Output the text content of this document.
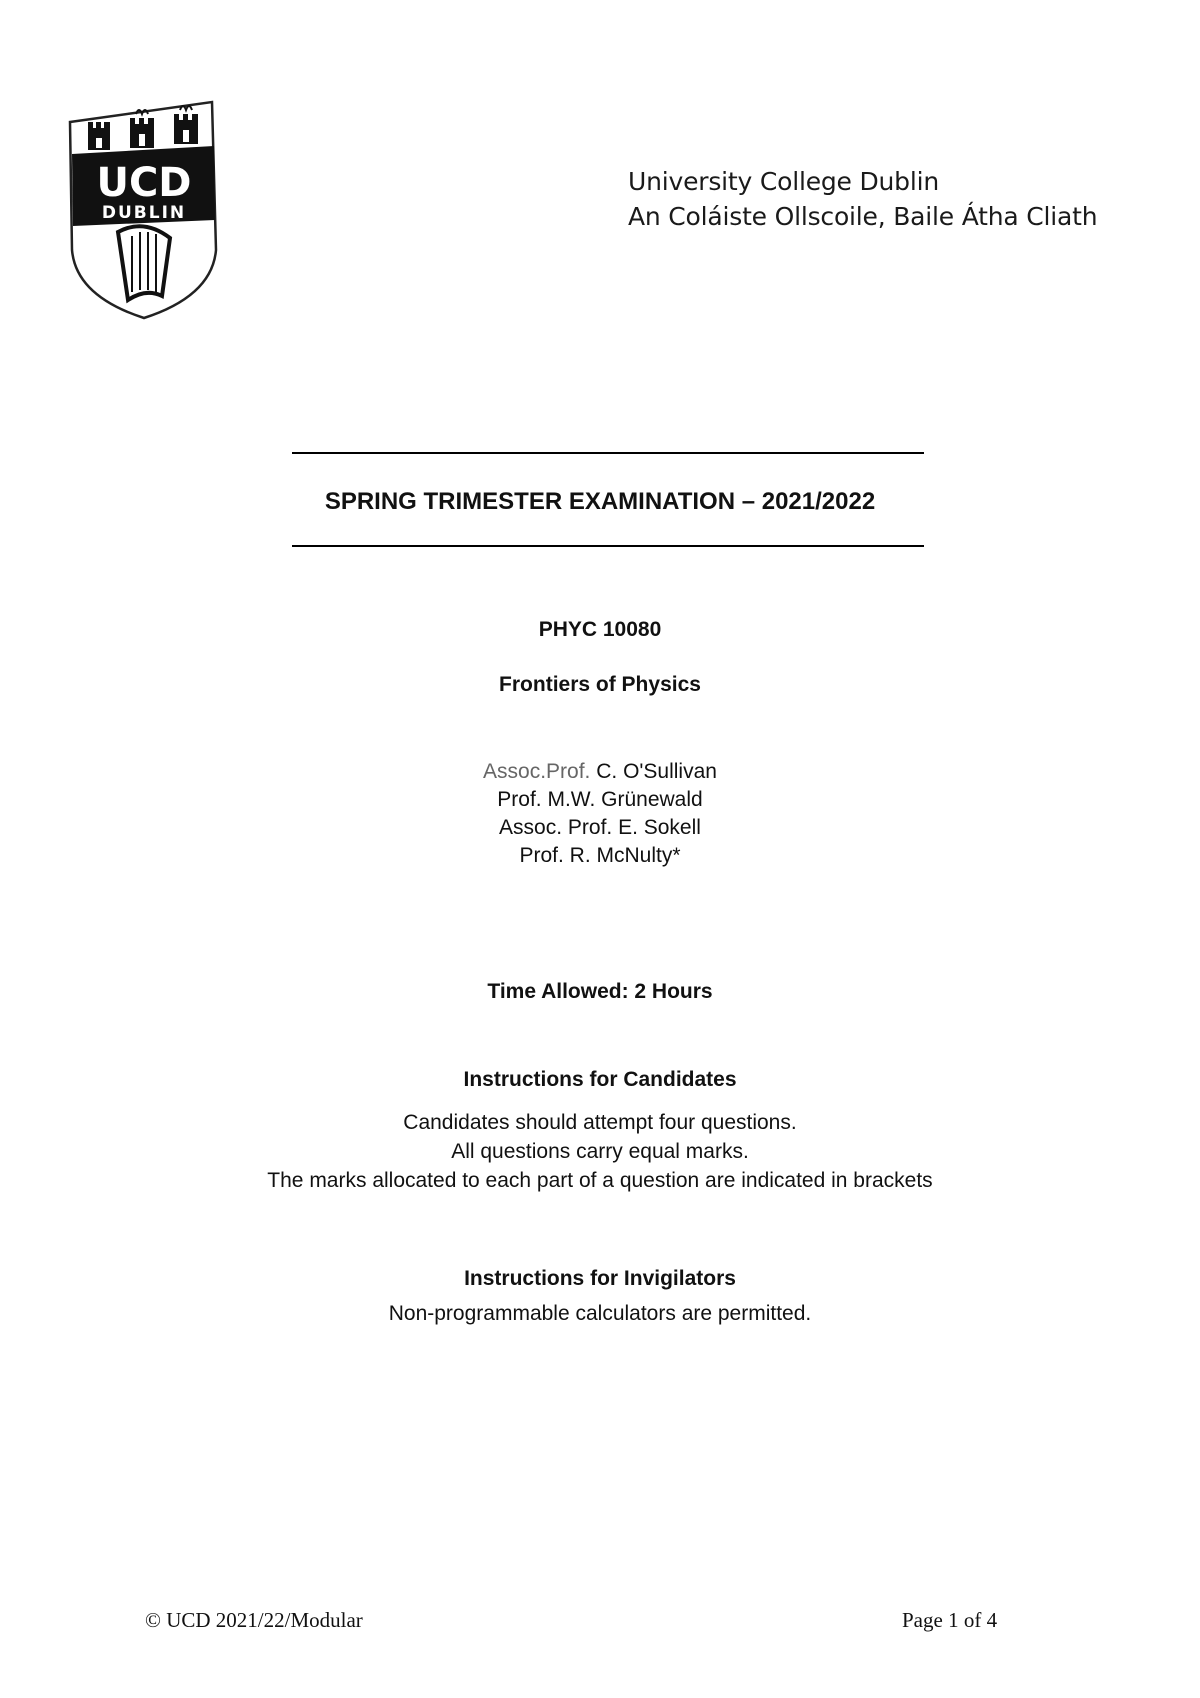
UCD
DUBLIN
University College Dublin
An Coláiste Ollscoile, Baile Átha Cliath
SPRING TRIMESTER EXAMINATION – 2021/2022
PHYC 10080
Frontiers of Physics
Assoc.Prof. C. O'Sullivan
Prof. M.W. Grünewald
Assoc. Prof. E. Sokell
Prof. R. McNulty*
Time Allowed: 2 Hours
Instructions for Candidates
Candidates should attempt four questions.
All questions carry equal marks.
The marks allocated to each part of a question are indicated in brackets
Instructions for Invigilators
Non-programmable calculators are permitted.
© UCD 2021/22/Modular	Page 1 of 4
